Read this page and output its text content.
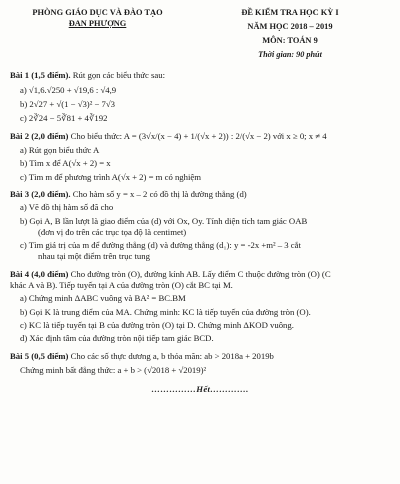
PHÒNG GIÁO DỤC VÀ ĐÀO TẠO
ĐAN PHƯỢNG
ĐỀ KIỂM TRA HỌC KỲ I
NĂM HỌC 2018 – 2019
MÔN: TOÁN 9
Thời gian: 90 phút
Bài 1 (1,5 điểm). Rút gọn các biểu thức sau:
a) √1,6.√250 + √19,6 : √4,9
b) 2√27 + √(1 − √3)² − 7√3
c) 2∛24 − 5∛81 + 4∛192
Bài 2 (2,0 điểm) Cho biểu thức: A = (3√x/(x − 4) + 1/(√x + 2)) : 2/(√x − 2) với x ≥ 0; x ≠ 4
a) Rút gọn biểu thức A
b) Tìm x để A(√x + 2) = x
c) Tìm m để phương trình A(√x + 2) = m có nghiệm
Bài 3 (2,0 điểm). Cho hàm số y = x – 2 có đồ thị là đường thẳng (d)
a) Vẽ đồ thị hàm số đã cho
b) Gọi A, B lần lượt là giao điểm của (d) với Ox, Oy. Tính diện tích tam giác OAB
(đơn vị đo trên các trục tọa độ là centimet)
c) Tìm giá trị của m để đường thẳng (d) và đường thẳng (d₁): y = -2x +m² – 3 cắt
nhau tại một điểm trên trục tung
Bài 4 (4,0 điểm) Cho đường tròn (O), đường kính AB. Lấy điểm C thuộc đường tròn (O) (C
khác A và B). Tiếp tuyến tại A của đường tròn (O) cắt BC tại M.
a) Chứng minh ΔABC vuông và BA² = BC.BM
b) Gọi K là trung điểm của MA. Chứng minh: KC là tiếp tuyến của đường tròn (O).
c) KC là tiếp tuyến tại B của đường tròn (O) tại D. Chứng minh ΔKOD vuông.
d) Xác định tâm của đường tròn nội tiếp tam giác BCD.
Bài 5 (0,5 điểm) Cho các số thực dương a, b thỏa mãn: ab > 2018a + 2019b
Chứng minh bất đẳng thức: a + b > (√2018 + √2019)²
……………Hết………….
